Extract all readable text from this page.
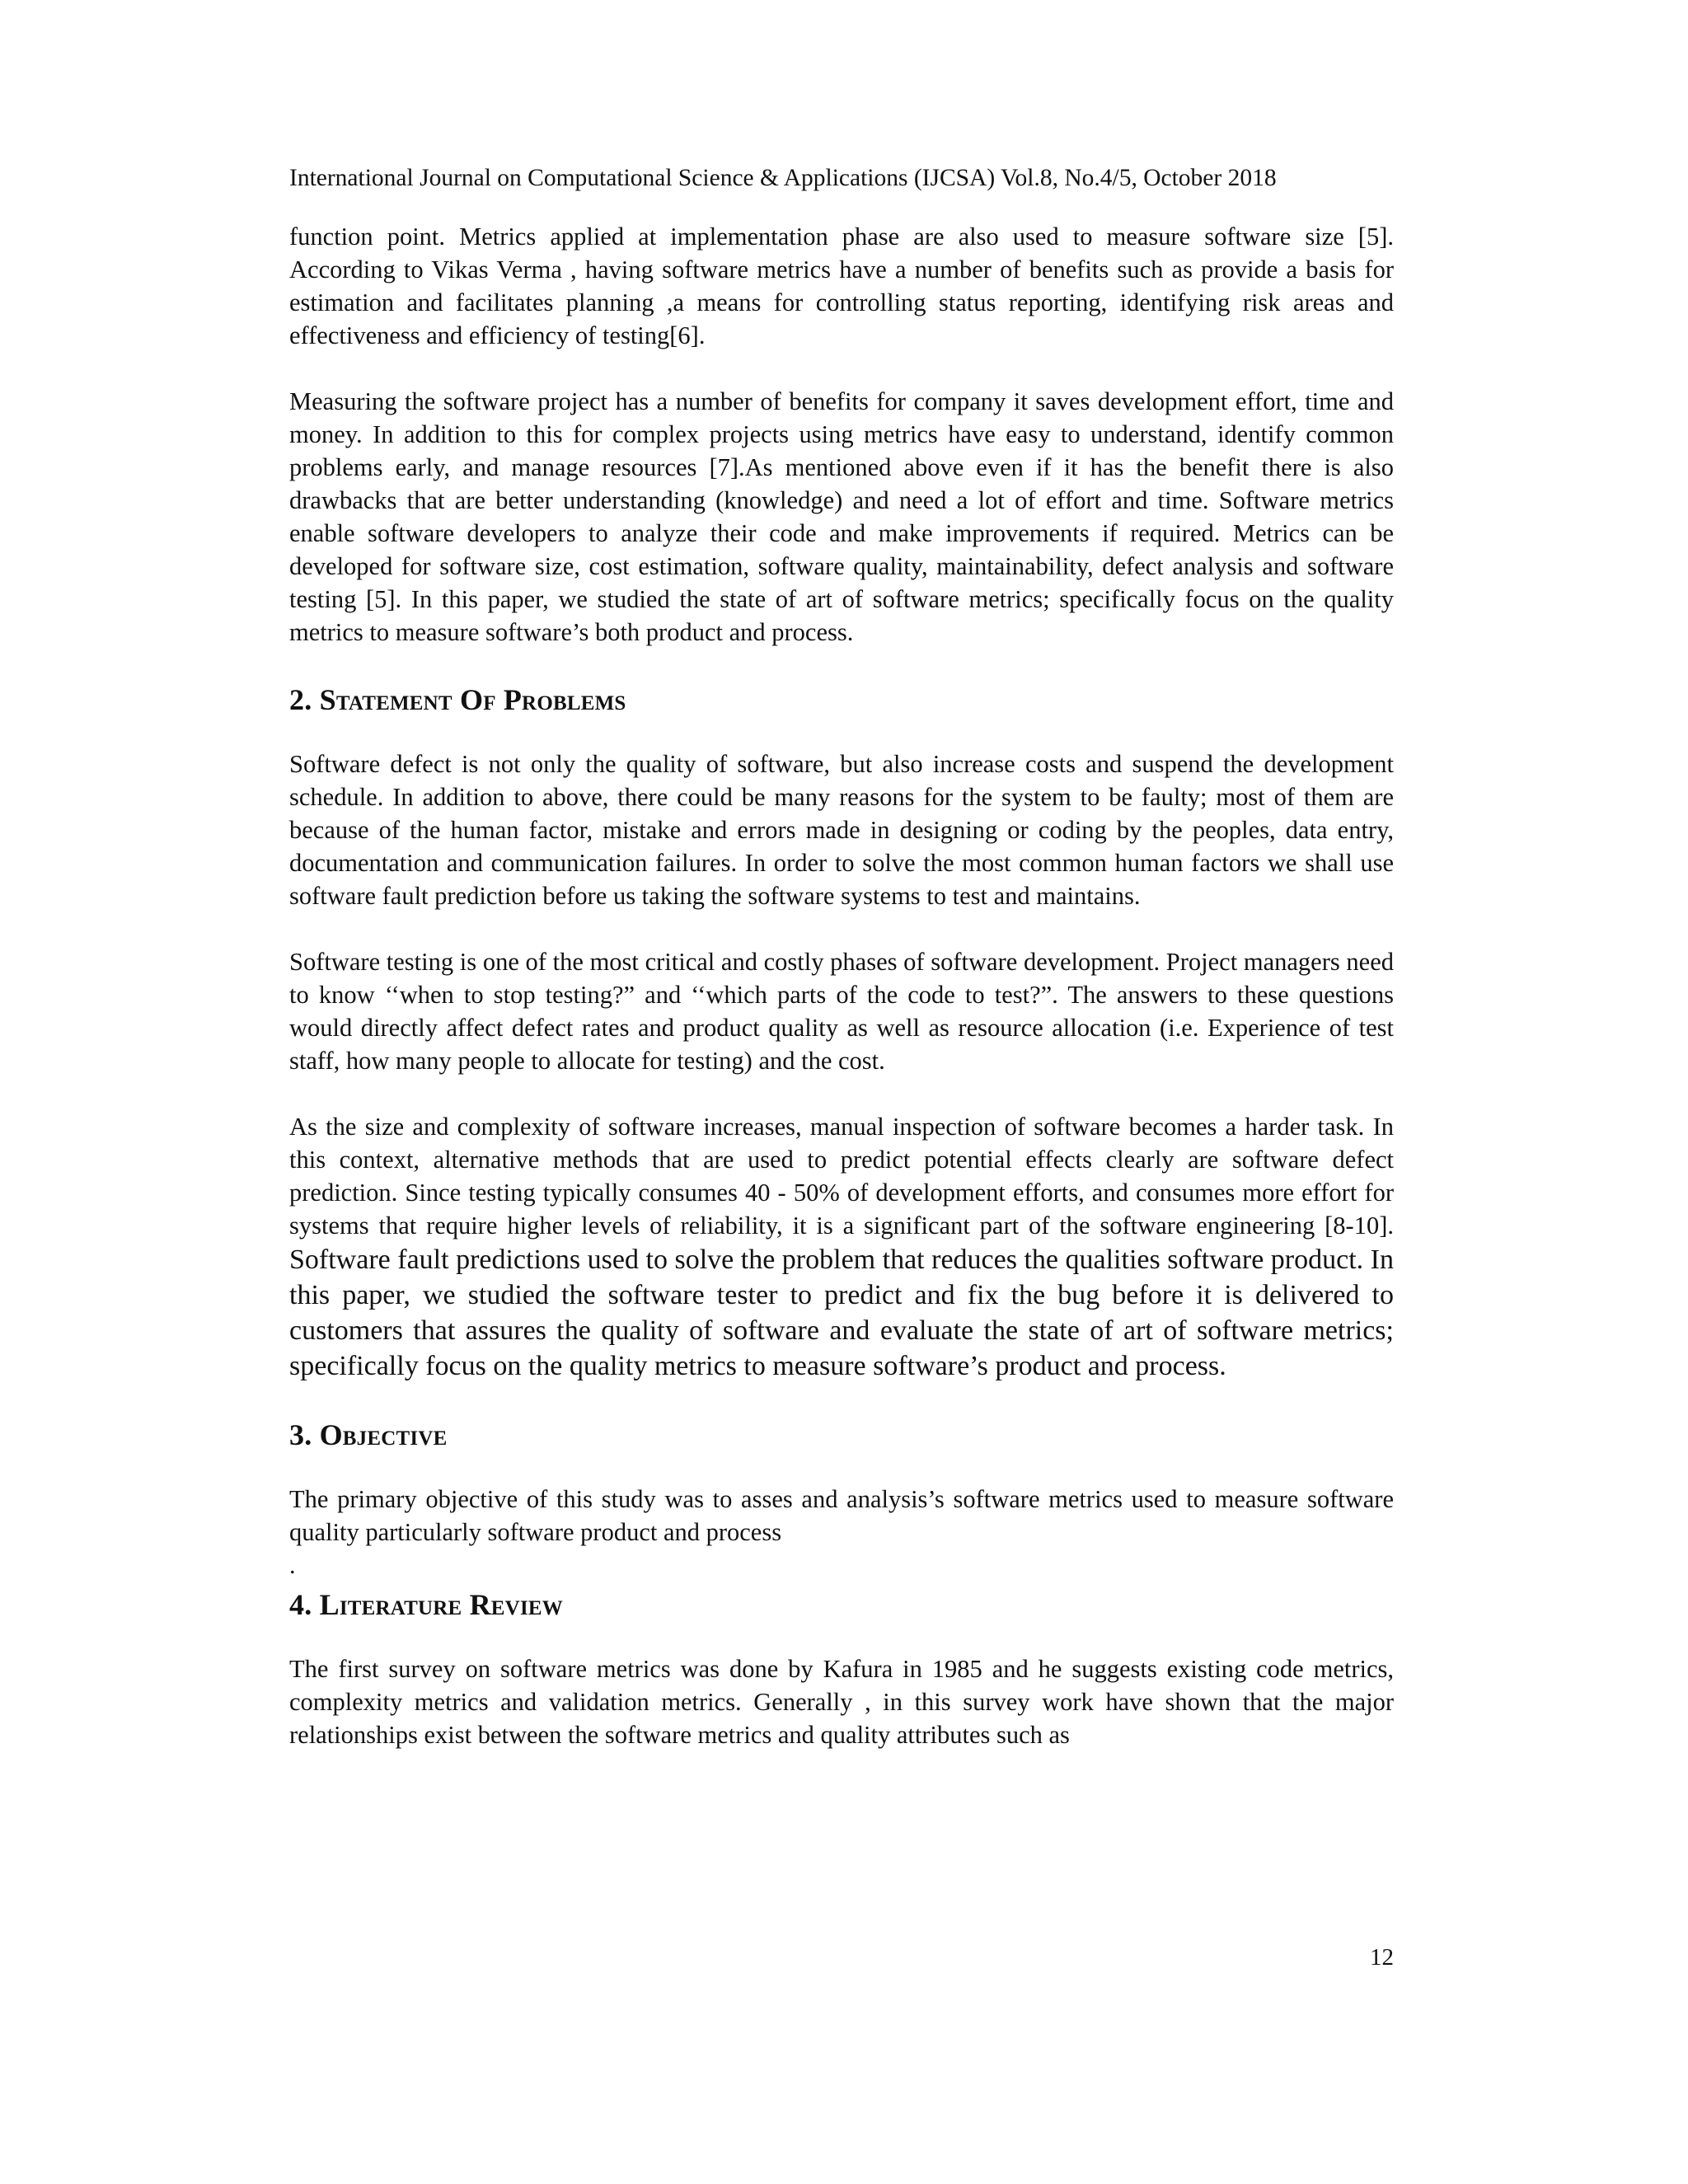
International Journal on Computational Science & Applications (IJCSA) Vol.8, No.4/5, October 2018

function point. Metrics applied at implementation phase are also used to measure software size [5]. According to Vikas Verma , having software metrics have a number of benefits such as provide a basis for estimation and facilitates planning ,a means for controlling status reporting, identifying risk areas and effectiveness and efficiency of testing[6].

Measuring the software project has a number of benefits for company it saves development effort, time and money. In addition to this for complex projects using metrics have easy to understand, identify common problems early, and manage resources [7].As mentioned above even if it has the benefit there is also drawbacks that are better understanding (knowledge) and need a lot of effort and time. Software metrics enable software developers to analyze their code and make improvements if required. Metrics can be developed for software size, cost estimation, software quality, maintainability, defect analysis and software testing [5]. In this paper, we studied the state of art of software metrics; specifically focus on the quality metrics to measure software’s both product and process.

2. Statement Of Problems

Software defect is not only the quality of software, but also increase costs and suspend the development schedule. In addition to above, there could be many reasons for the system to be faulty; most of them are because of the human factor, mistake and errors made in designing or coding by the peoples, data entry, documentation and communication failures. In order to solve the most common human factors we shall use software fault prediction before us taking the software systems to test and maintains.

Software testing is one of the most critical and costly phases of software development. Project managers need to know ‘‘when to stop testing?” and ‘‘which parts of the code to test?”. The answers to these questions would directly affect defect rates and product quality as well as resource allocation (i.e. Experience of test staff, how many people to allocate for testing) and the cost.

As the size and complexity of software increases, manual inspection of software becomes a harder task. In this context, alternative methods that are used to predict potential effects clearly are software defect prediction. Since testing typically consumes 40 - 50% of development efforts, and consumes more effort for systems that require higher levels of reliability, it is a significant part of the software engineering [8-10]. Software fault predictions used to solve the problem that reduces the qualities software product. In this paper, we studied the software tester to predict and fix the bug before it is delivered to customers that assures the quality of software and evaluate the state of art of software metrics; specifically focus on the quality metrics to measure software’s product and process.

3. Objective

The primary objective of this study was to asses and analysis’s software metrics used to measure software quality particularly software product and process

.
4. Literature Review

The first survey on software metrics was done by Kafura in 1985 and he suggests existing code metrics, complexity metrics and validation metrics. Generally , in this survey work have shown that the major relationships exist between the software metrics and quality attributes such as

12
